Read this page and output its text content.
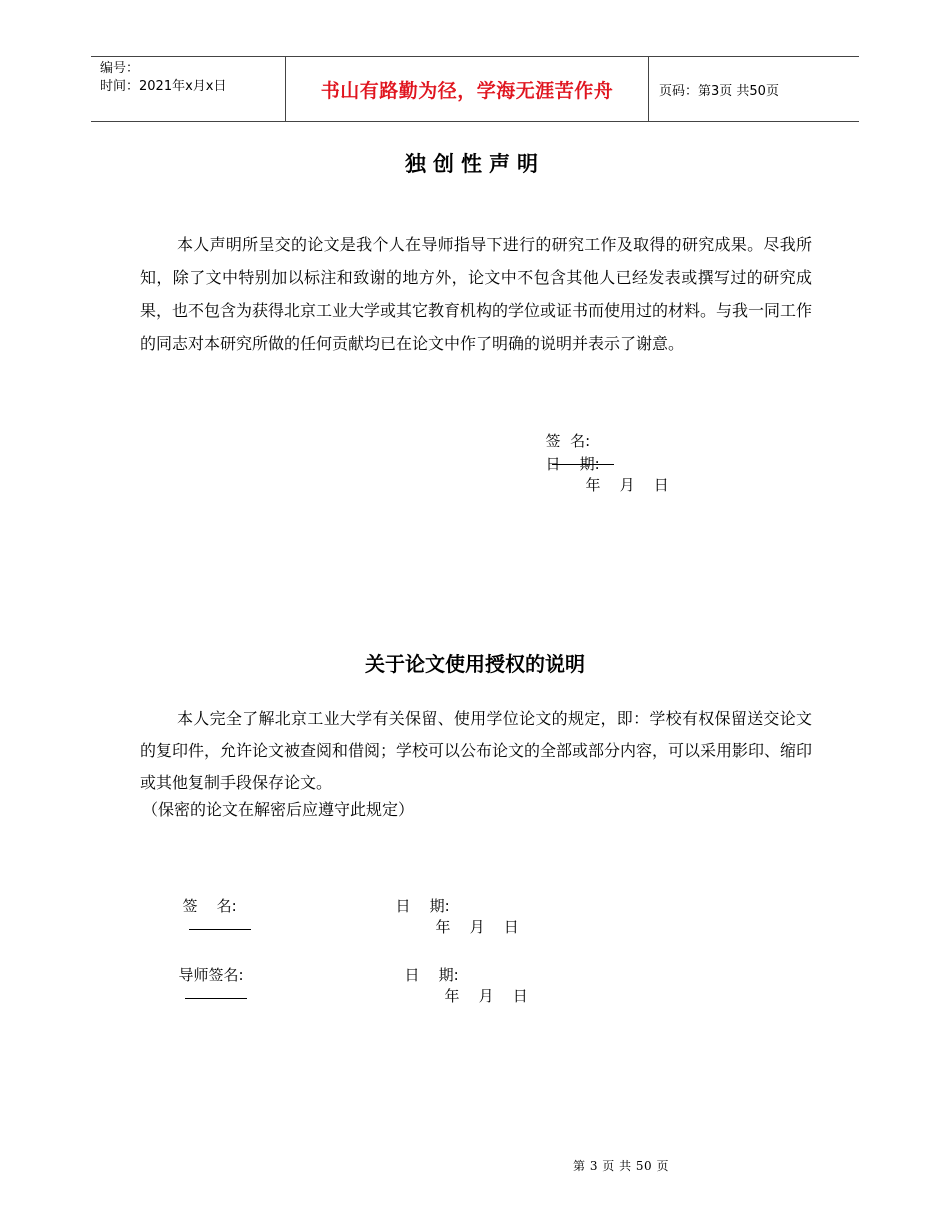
编号：
时间：2021年x月x日	书山有路勤为径，学海无涯苦作舟	页码：第3页 共50页
独创性声明
本人声明所呈交的论文是我个人在导师指导下进行的研究工作及取得的研究成果。尽我所知，除了文中特别加以标注和致谢的地方外，论文中不包含其他人已经发表或撰写过的研究成果，也不包含为获得北京工业大学或其它教育机构的学位或证书而使用过的材料。与我一同工作的同志对本研究所做的任何贡献均已在论文中作了明确的说明并表示了谢意。

签  名:

日    期:
年    月    日

关于论文使用授权的说明
本人完全了解北京工业大学有关保留、使用学位论文的规定，即：学校有权保留送交论文的复印件，允许论文被查阅和借阅；学校可以公布论文的全部或部分内容，可以采用影印、缩印或其他复制手段保存论文。
（保密的论文在解密后应遵守此规定）

签    名:
	日    期:
年    月    日

导师签名:
	日    期:
年    月    日

第 3 页 共 50 页
